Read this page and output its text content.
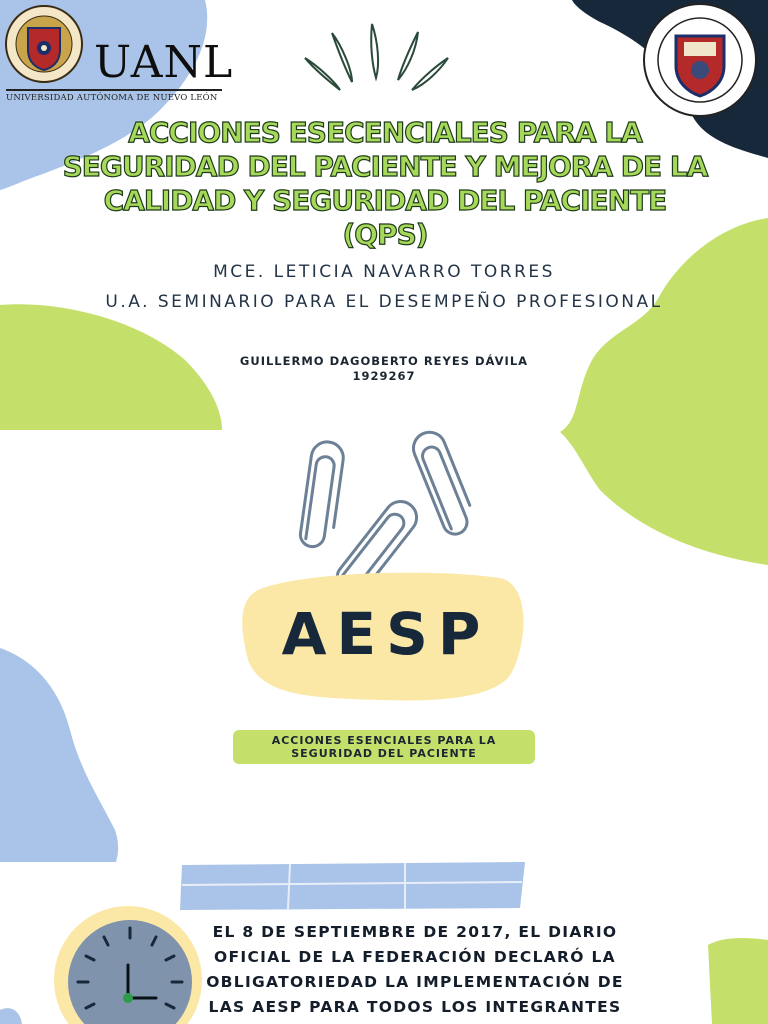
UANL
UNIVERSIDAD AUTÓNOMA DE NUEVO LEÓN
ACCIONES ESECENCIALES PARA LA SEGURIDAD DEL PACIENTE Y MEJORA DE LA CALIDAD Y SEGURIDAD DEL PACIENTE (QPS)

MCE. LETICIA NAVARRO TORRES

U.A. SEMINARIO PARA EL DESEMPEÑO PROFESIONAL

GUILLERMO DAGOBERTO REYES DÁVILA

1929267

AESP
ACCIONES ESENCIALES PARA LA
SEGURIDAD DEL PACIENTE

EL 8 DE SEPTIEMBRE DE 2017, EL DIARIO OFICIAL DE LA FEDERACIÓN DECLARÓ LA OBLIGATORIEDAD LA IMPLEMENTACIÓN DE LAS AESP PARA TODOS LOS INTEGRANTES
